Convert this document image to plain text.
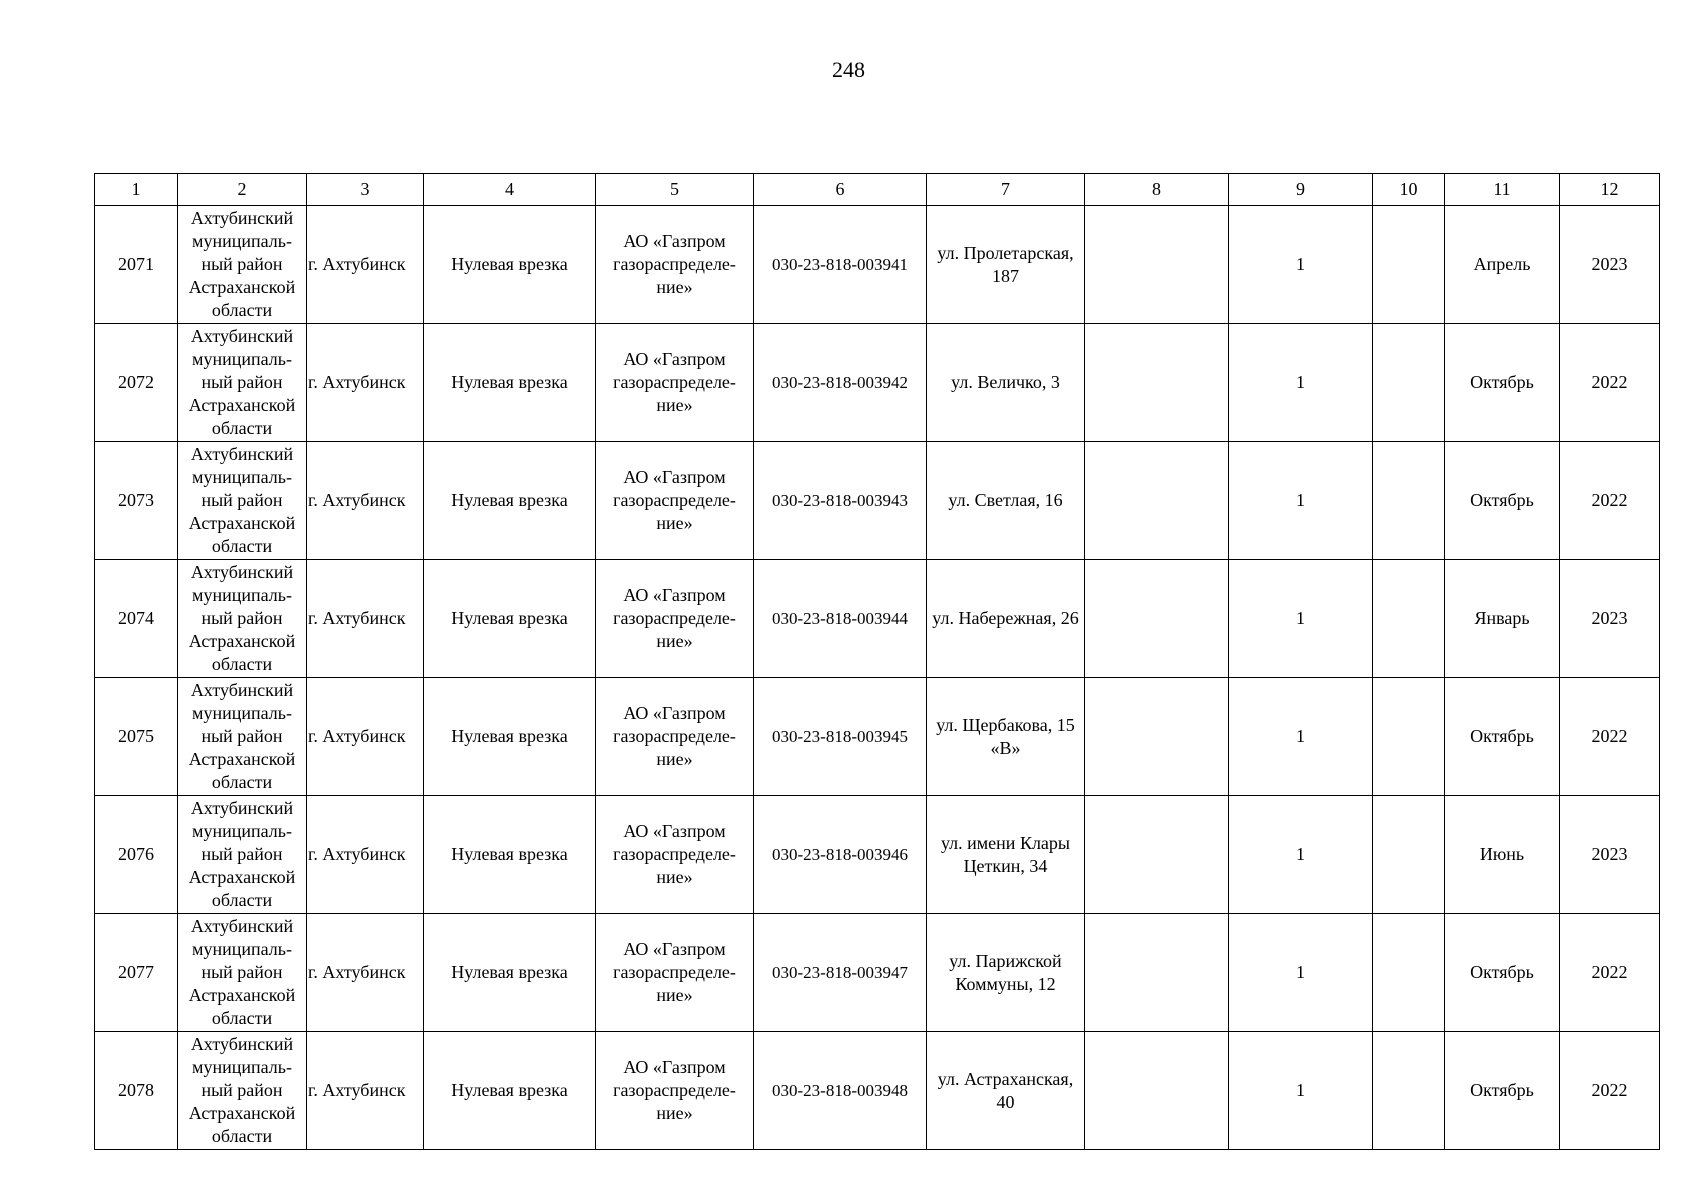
248
1	2	3	4	5	6	7	8	9	10	11	12

2071	Ахтубинский
муниципаль-
ный район
Астраханской
области	г. Ахтубинск	Нулевая врезка	АО «Газпром
газораспределе-
ние»	030-23-818-003941	ул. Пролетарская, 187		1		Апрель	2023

2072	Ахтубинский
муниципаль-
ный район
Астраханской
области	г. Ахтубинск	Нулевая врезка	АО «Газпром
газораспределе-
ние»	030-23-818-003942	ул. Величко, 3		1		Октябрь	2022

2073	Ахтубинский
муниципаль-
ный район
Астраханской
области	г. Ахтубинск	Нулевая врезка	АО «Газпром
газораспределе-
ние»	030-23-818-003943	ул. Светлая, 16		1		Октябрь	2022

2074	Ахтубинский
муниципаль-
ный район
Астраханской
области	г. Ахтубинск	Нулевая врезка	АО «Газпром
газораспределе-
ние»	030-23-818-003944	ул. Набережная, 26		1		Январь	2023

2075	Ахтубинский
муниципаль-
ный район
Астраханской
области	г. Ахтубинск	Нулевая врезка	АО «Газпром
газораспределе-
ние»	030-23-818-003945	ул. Щербакова, 15 «В»		1		Октябрь	2022

2076	Ахтубинский
муниципаль-
ный район
Астраханской
области	г. Ахтубинск	Нулевая врезка	АО «Газпром
газораспределе-
ние»	030-23-818-003946	ул. имени Клары Цеткин, 34		1		Июнь	2023

2077	Ахтубинский
муниципаль-
ный район
Астраханской
области	г. Ахтубинск	Нулевая врезка	АО «Газпром
газораспределе-
ние»	030-23-818-003947	ул. Парижской Коммуны, 12		1		Октябрь	2022

2078	Ахтубинский
муниципаль-
ный район
Астраханской
области	г. Ахтубинск	Нулевая врезка	АО «Газпром
газораспределе-
ние»	030-23-818-003948	ул. Астраханская, 40		1		Октябрь	2022
